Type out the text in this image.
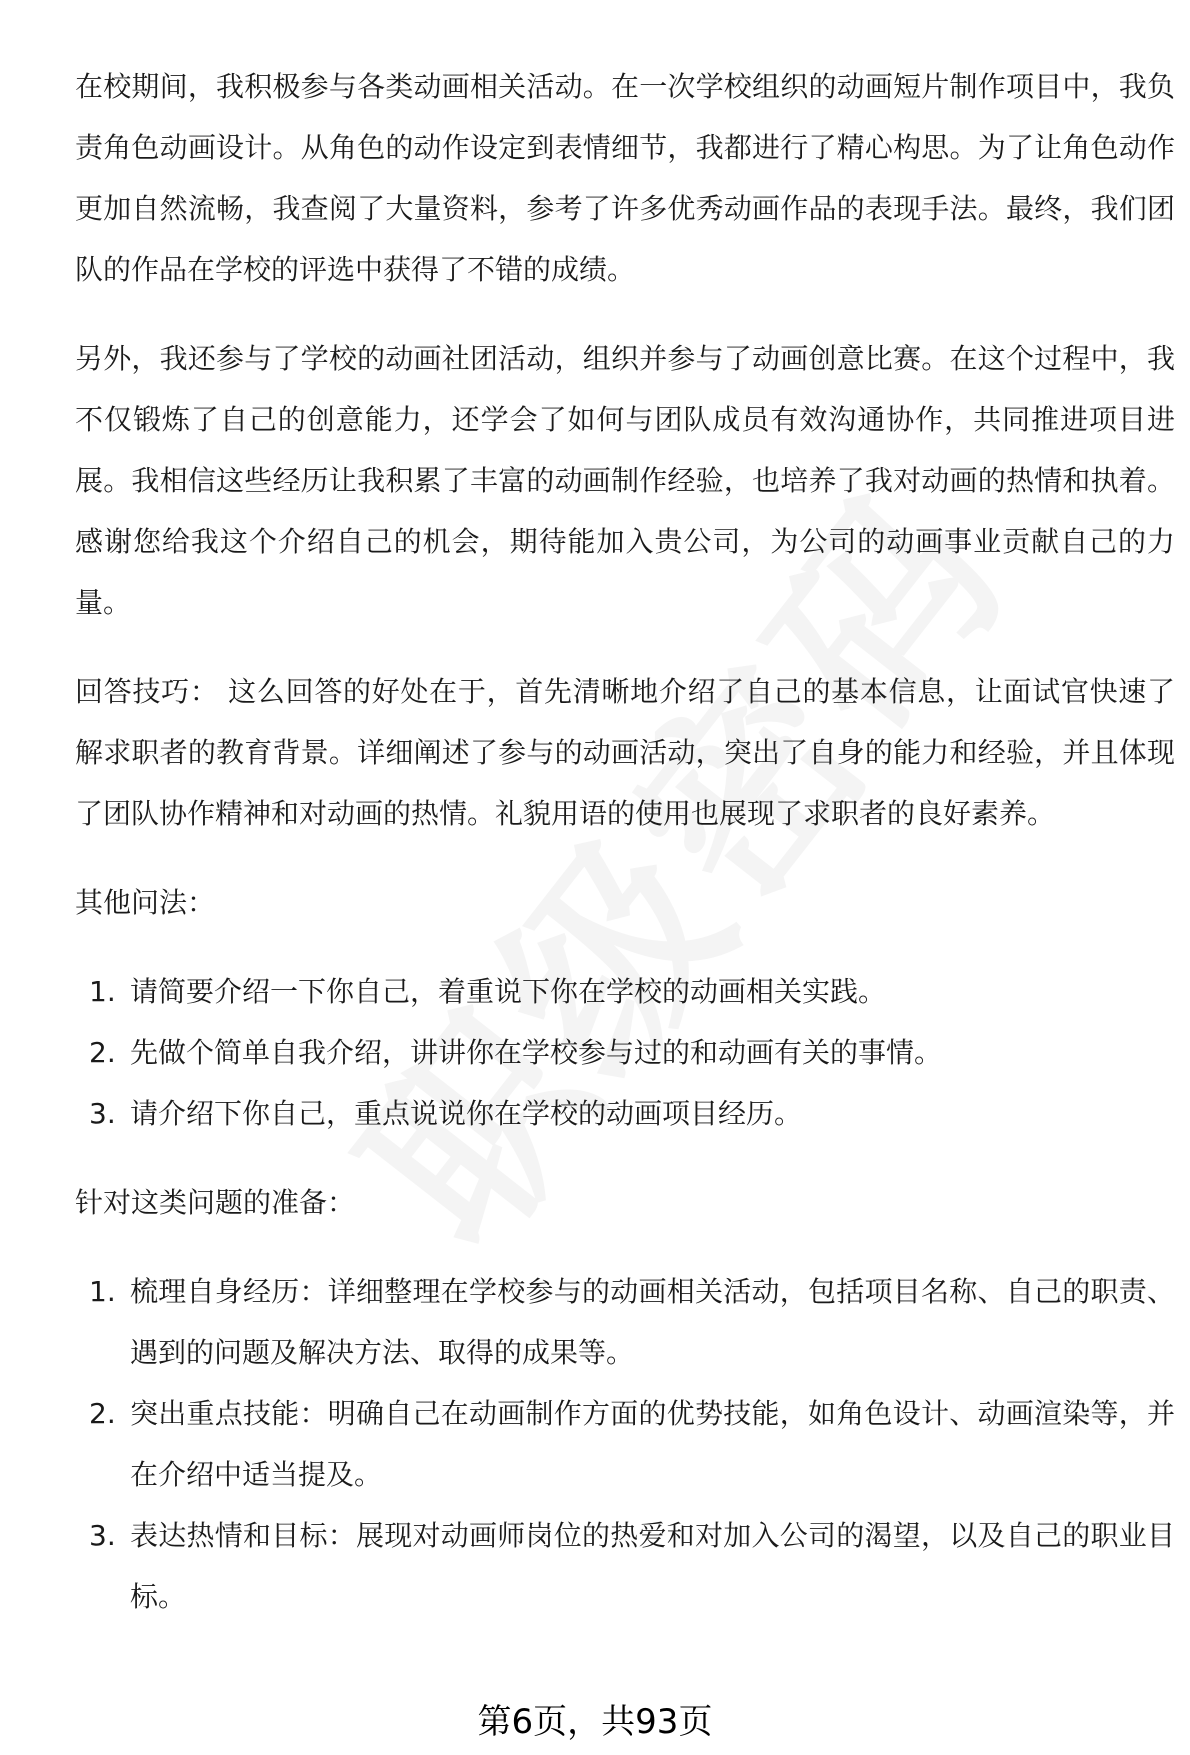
在校期间，我积极参与各类动画相关活动。在一次学校组织的动画短片制作项目中，我负责角色动画设计。从角色的动作设定到表情细节，我都进行了精心构思。为了让角色动作更加自然流畅，我查阅了大量资料，参考了许多优秀动画作品的表现手法。最终，我们团队的作品在学校的评选中获得了不错的成绩。

另外，我还参与了学校的动画社团活动，组织并参与了动画创意比赛。在这个过程中，我不仅锻炼了自己的创意能力，还学会了如何与团队成员有效沟通协作，共同推进项目进展。我相信这些经历让我积累了丰富的动画制作经验，也培养了我对动画的热情和执着。感谢您给我这个介绍自己的机会，期待能加入贵公司，为公司的动画事业贡献自己的力量。

回答技巧： 这么回答的好处在于，首先清晰地介绍了自己的基本信息，让面试官快速了解求职者的教育背景。详细阐述了参与的动画活动，突出了自身的能力和经验，并且体现了团队协作精神和对动画的热情。礼貌用语的使用也展现了求职者的良好素养。

其他问法：

1. 请简要介绍一下你自己，着重说下你在学校的动画相关实践。
2. 先做个简单自我介绍，讲讲你在学校参与过的和动画有关的事情。
3. 请介绍下你自己，重点说说你在学校的动画项目经历。

针对这类问题的准备：

1. 梳理自身经历：详细整理在学校参与的动画相关活动，包括项目名称、自己的职责、遇到的问题及解决方法、取得的成果等。
2. 突出重点技能：明确自己在动画制作方面的优势技能，如角色设计、动画渲染等，并在介绍中适当提及。
3. 表达热情和目标：展现对动画师岗位的热爱和对加入公司的渴望，以及自己的职业目标。
第6页，共93页
